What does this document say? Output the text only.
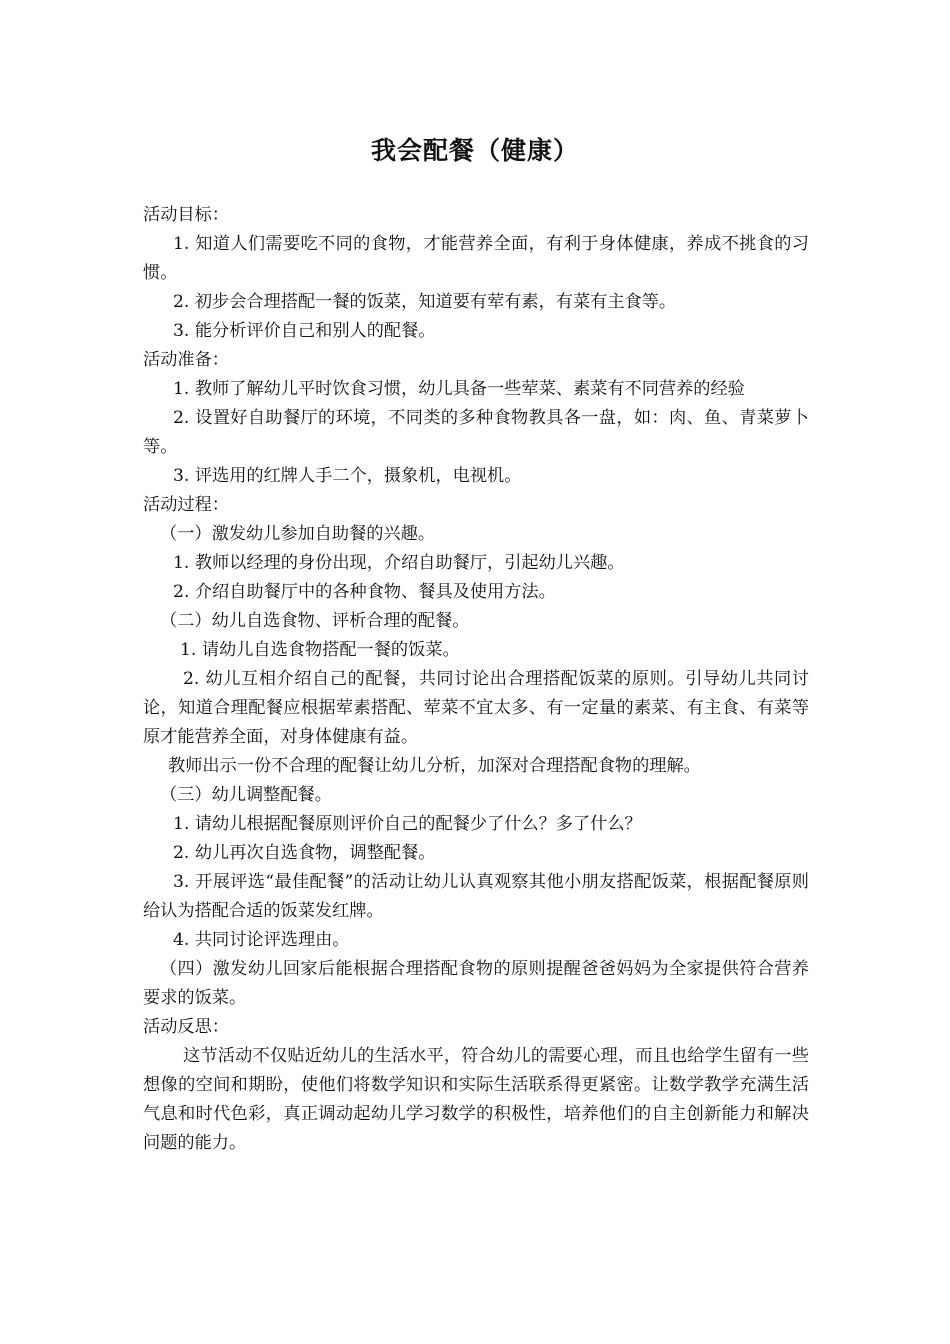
我会配餐（健康）
活动目标：
1. 知道人们需要吃不同的食物，才能营养全面，有利于身体健康，养成不挑食的习惯。
2. 初步会合理搭配一餐的饭菜，知道要有荤有素，有菜有主食等。
3. 能分析评价自己和别人的配餐。
活动准备：
1. 教师了解幼儿平时饮食习惯，幼儿具备一些荤菜、素菜有不同营养的经验
2. 设置好自助餐厅的环境，不同类的多种食物教具各一盘，如：肉、鱼、青菜萝卜等。
3. 评选用的红牌人手二个，摄象机，电视机。
活动过程：
（一）激发幼儿参加自助餐的兴趣。
1. 教师以经理的身份出现，介绍自助餐厅，引起幼儿兴趣。
2. 介绍自助餐厅中的各种食物、餐具及使用方法。
（二）幼儿自选食物、评析合理的配餐。
1. 请幼儿自选食物搭配一餐的饭菜。
2. 幼儿互相介绍自己的配餐，共同讨论出合理搭配饭菜的原则。引导幼儿共同讨论，知道合理配餐应根据荤素搭配、荤菜不宜太多、有一定量的素菜、有主食、有菜等原才能营养全面，对身体健康有益。
教师出示一份不合理的配餐让幼儿分析，加深对合理搭配食物的理解。
（三）幼儿调整配餐。
1. 请幼儿根据配餐原则评价自己的配餐少了什么？多了什么？
2. 幼儿再次自选食物，调整配餐。
3. 开展评选“最佳配餐”的活动让幼儿认真观察其他小朋友搭配饭菜，根据配餐原则给认为搭配合适的饭菜发红牌。
4. 共同讨论评选理由。
（四）激发幼儿回家后能根据合理搭配食物的原则提醒爸爸妈妈为全家提供符合营养要求的饭菜。
活动反思：
这节活动不仅贴近幼儿的生活水平，符合幼儿的需要心理，而且也给学生留有一些想像的空间和期盼，使他们将数学知识和实际生活联系得更紧密。让数学教学充满生活气息和时代色彩，真正调动起幼儿学习数学的积极性，培养他们的自主创新能力和解决问题的能力。
